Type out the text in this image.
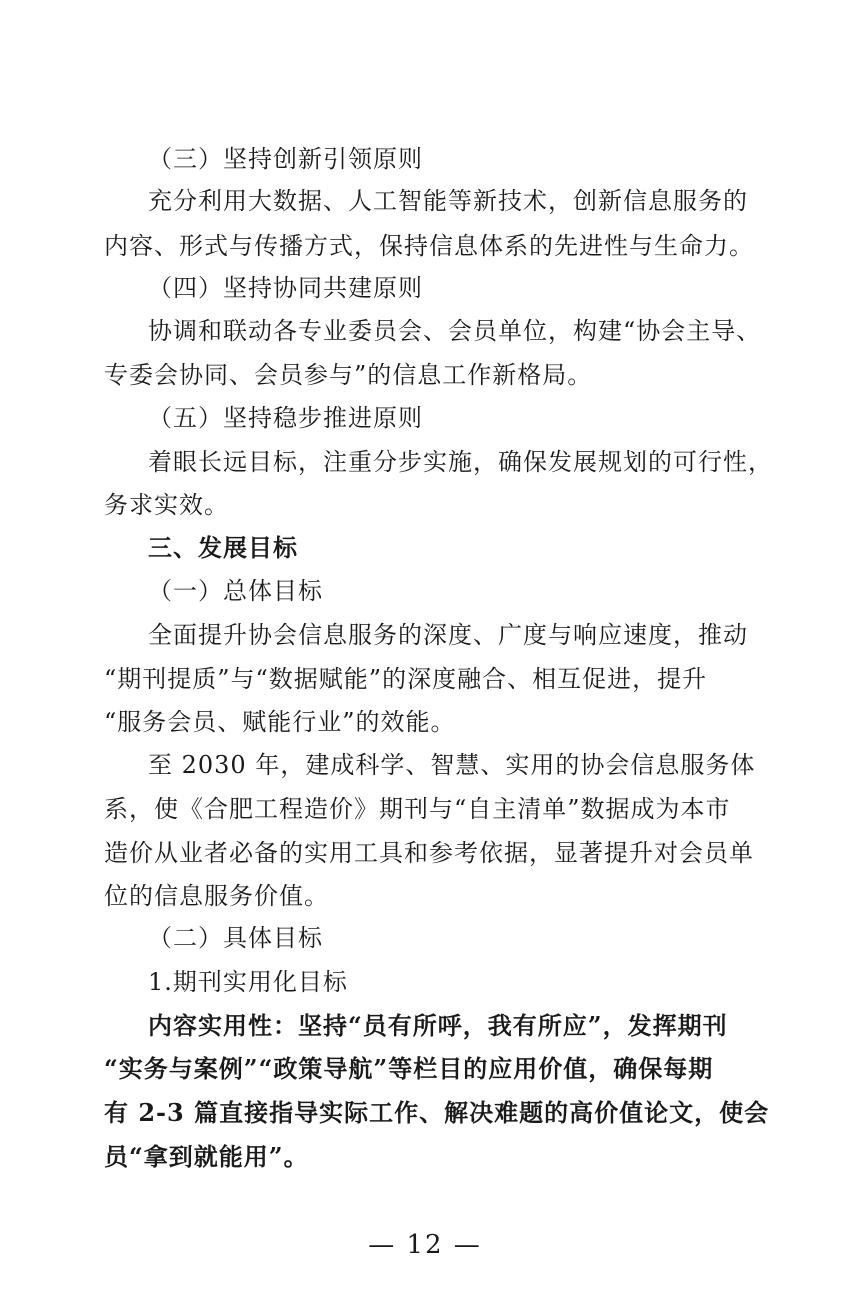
（三）坚持创新引领原则
充分利用大数据、人工智能等新技术，创新信息服务的
内容、形式与传播方式，保持信息体系的先进性与生命力。
（四）坚持协同共建原则
协调和联动各专业委员会、会员单位，构建“协会主导、
专委会协同、会员参与”的信息工作新格局。
（五）坚持稳步推进原则
着眼长远目标，注重分步实施，确保发展规划的可行性，
务求实效。
三、发展目标
（一）总体目标
全面提升协会信息服务的深度、广度与响应速度，推动
“期刊提质”与“数据赋能”的深度融合、相互促进，提升
“服务会员、赋能行业”的效能。
至 2030 年，建成科学、智慧、实用的协会信息服务体
系，使《合肥工程造价》期刊与“自主清单”数据成为本市
造价从业者必备的实用工具和参考依据，显著提升对会员单
位的信息服务价值。
（二）具体目标
1.期刊实用化目标
内容实用性：坚持“员有所呼，我有所应”，发挥期刊
“实务与案例”“政策导航”等栏目的应用价值，确保每期
有 2-3 篇直接指导实际工作、解决难题的高价值论文，使会
员“拿到就能用”。
— 12 —
